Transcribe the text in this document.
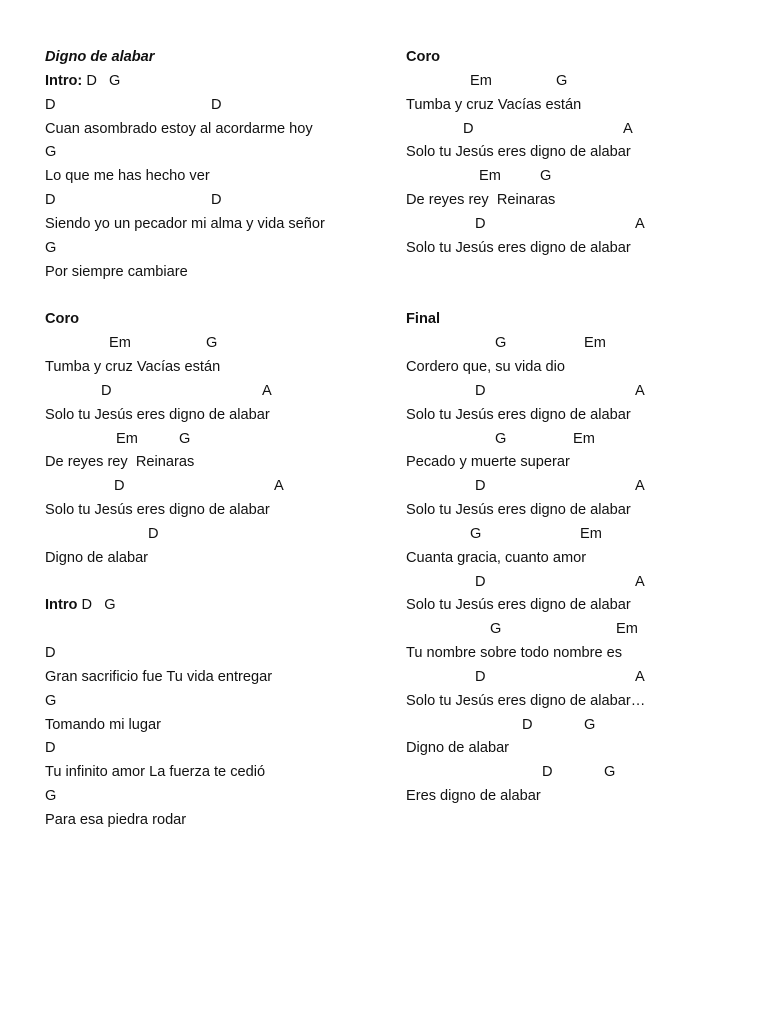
Digno de alabar
Intro: D   G
D	D
Cuan asombrado estoy al acordarme hoy
G
Lo que me has hecho ver
D	D
Siendo yo un pecador mi alma y vida señor
G
Por siempre cambiare
Coro
Em	G
Tumba y cruz Vacías están
D	A
Solo tu Jesús eres digno de alabar
Em	G
De reyes rey  Reinaras
D	A
Solo tu Jesús eres digno de alabar
D
Digno de alabar
Intro D   G
D
Gran sacrificio fue Tu vida entregar
G
Tomando mi lugar
D
Tu infinito amor La fuerza te cedió
G
Para esa piedra rodar
Coro
Em	G
Tumba y cruz Vacías están
D	A
Solo tu Jesús eres digno de alabar
Em	G
De reyes rey  Reinaras
D	A
Solo tu Jesús eres digno de alabar
Final
G	Em
Cordero que, su vida dio
D	A
Solo tu Jesús eres digno de alabar
G	Em
Pecado y muerte superar
D	A
Solo tu Jesús eres digno de alabar
G	Em
Cuanta gracia, cuanto amor
D	A
Solo tu Jesús eres digno de alabar
G	Em
Tu nombre sobre todo nombre es
D	A
Solo tu Jesús eres digno de alabar…
D	G
Digno de alabar
D	G
Eres digno de alabar
